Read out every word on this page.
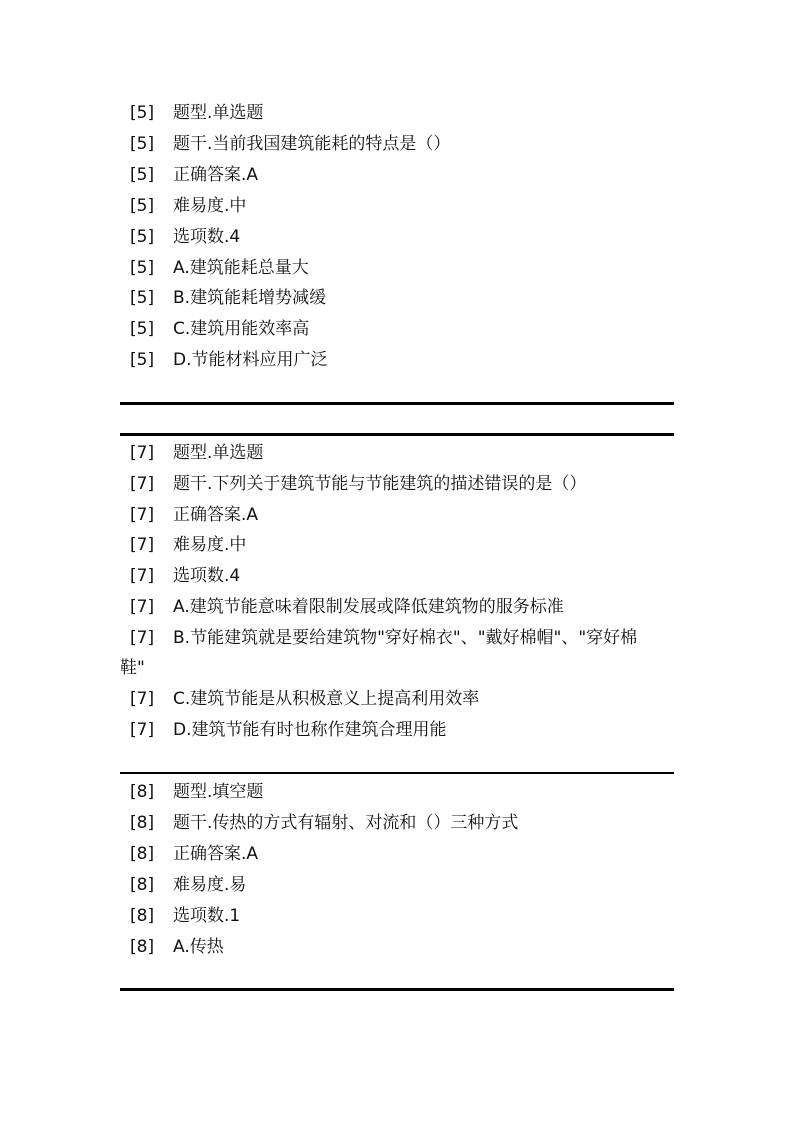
[5] 题型.单选题
[5] 题干.当前我国建筑能耗的特点是（）
[5] 正确答案.A
[5] 难易度.中
[5] 选项数.4
[5] A.建筑能耗总量大
[5] B.建筑能耗增势减缓
[5] C.建筑用能效率高
[5] D.节能材料应用广泛
[7] 题型.单选题
[7] 题干.下列关于建筑节能与节能建筑的描述错误的是（）
[7] 正确答案.A
[7] 难易度.中
[7] 选项数.4
[7] A.建筑节能意味着限制发展或降低建筑物的服务标准
[7] B.节能建筑就是要给建筑物"穿好棉衣"、"戴好棉帽"、"穿好棉
鞋"
[7] C.建筑节能是从积极意义上提高利用效率
[7] D.建筑节能有时也称作建筑合理用能
[8] 题型.填空题
[8] 题干.传热的方式有辐射、对流和（）三种方式
[8] 正确答案.A
[8] 难易度.易
[8] 选项数.1
[8] A.传热
